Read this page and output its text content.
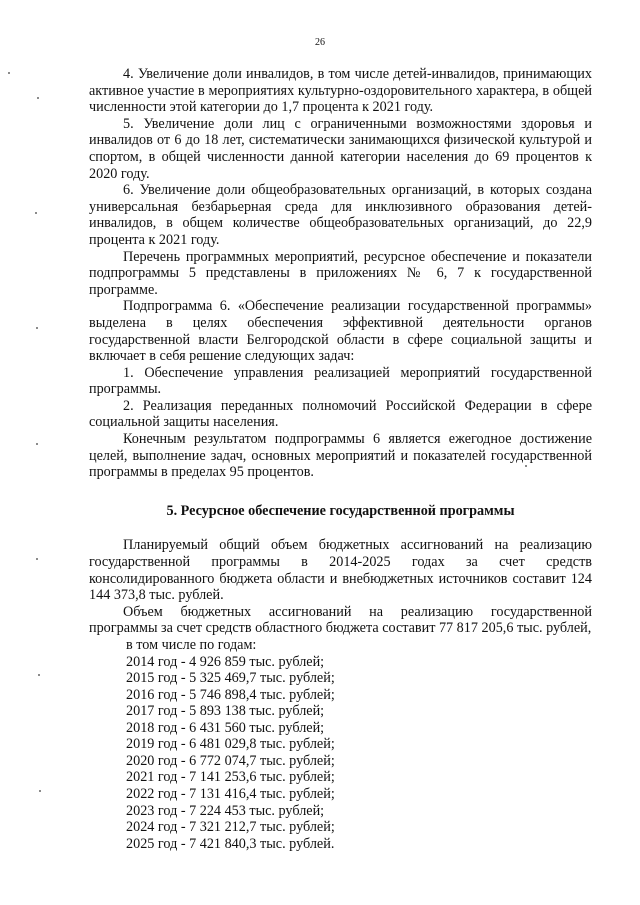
26

4. Увеличение доли инвалидов, в том числе детей-инвалидов, принимающих активное участие в мероприятиях культурно-оздоровительного характера, в общей численности этой категории до 1,7 процента к 2021 году.

5. Увеличение доли лиц с ограниченными возможностями здоровья и инвалидов от 6 до 18 лет, систематически занимающихся физической культурой и спортом, в общей численности данной категории населения до 69 процентов к 2020 году.

6. Увеличение доли общеобразовательных организаций, в которых создана универсальная безбарьерная среда для инклюзивного образования детей-инвалидов, в общем количестве общеобразовательных организаций, до 22,9 процента к 2021 году.

Перечень программных мероприятий, ресурсное обеспечение и показатели подпрограммы 5 представлены в приложениях № 6, 7 к государственной программе.

Подпрограмма 6. «Обеспечение реализации государственной программы» выделена в целях обеспечения эффективной деятельности органов государственной власти Белгородской области в сфере социальной защиты и включает в себя решение следующих задач:

1. Обеспечение управления реализацией мероприятий государственной программы.

2. Реализация переданных полномочий Российской Федерации в сфере социальной защиты населения.

Конечным результатом подпрограммы 6 является ежегодное достижение целей, выполнение задач, основных мероприятий и показателей государственной программы в пределах 95 процентов.

5. Ресурсное обеспечение государственной программы

Планируемый общий объем бюджетных ассигнований на реализацию государственной программы в 2014-2025 годах за счет средств консолидированного бюджета области и внебюджетных источников составит 124 144 373,8 тыс. рублей.

Объем бюджетных ассигнований на реализацию государственной программы за счет средств областного бюджета составит 77 817 205,6 тыс. рублей,

в том числе по годам:

2014 год - 4 926 859 тыс. рублей;
2015 год - 5 325 469,7 тыс. рублей;
2016 год - 5 746 898,4 тыс. рублей;
2017 год - 5 893 138 тыс. рублей;
2018 год - 6 431 560 тыс. рублей;
2019 год - 6 481 029,8 тыс. рублей;
2020 год - 6 772 074,7 тыс. рублей;
2021 год - 7 141 253,6 тыс. рублей;
2022 год - 7 131 416,4 тыс. рублей;
2023 год - 7 224 453 тыс. рублей;
2024 год - 7 321 212,7 тыс. рублей;
2025 год - 7 421 840,3 тыс. рублей.
